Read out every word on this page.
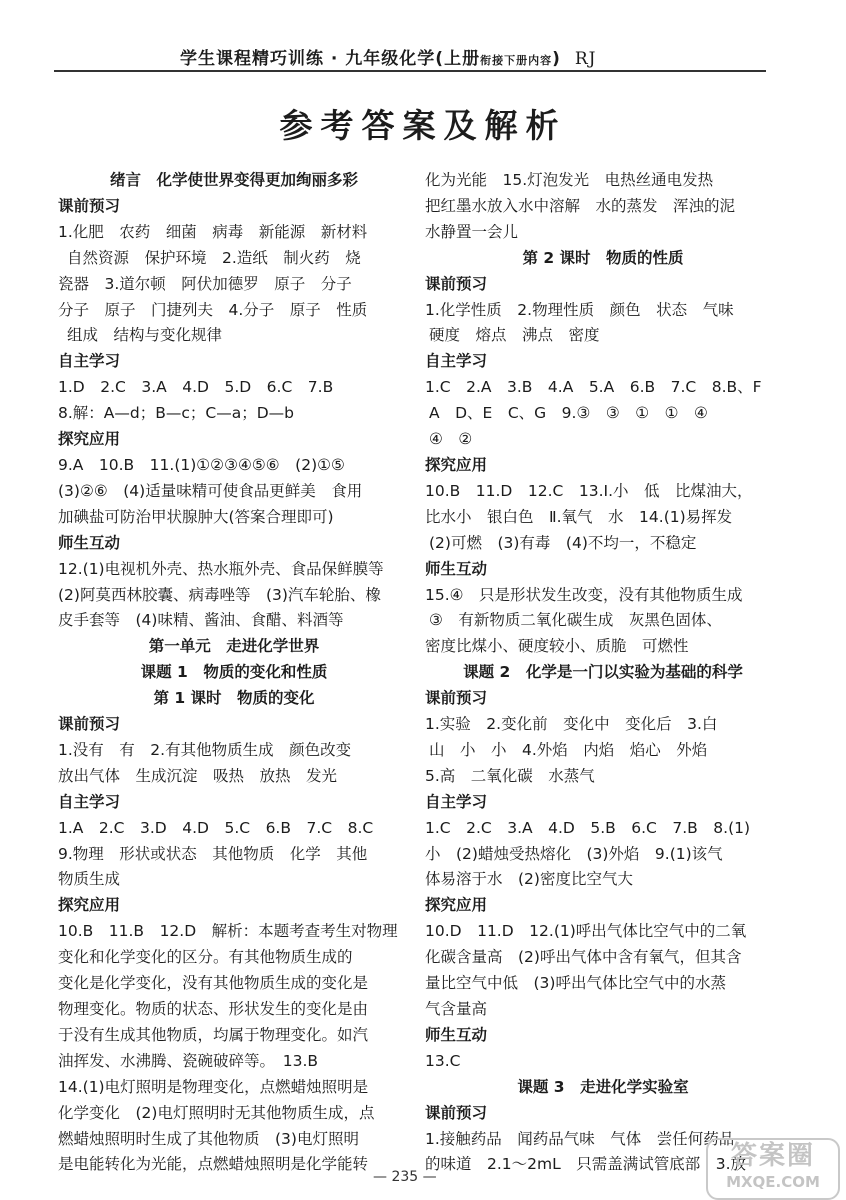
学生课程精巧训练 · 九年级化学(上册衔接下册内容) RJ
参考答案及解析
绪言　化学使世界变得更加绚丽多彩
课前预习
1.化肥　农药　细菌　病毒　新能源　新材料
自然资源　保护环境　2.造纸　制火药　烧
瓷器　3.道尔顿　阿伏加德罗　原子　分子
分子　原子　门捷列夫　4.分子　原子　性质
组成　结构与变化规律
自主学习
1.D　2.C　3.A　4.D　5.D　6.C　7.B
8.解：A—d；B—c；C—a；D—b
探究应用
9.A　10.B　11.(1)①②③④⑤⑥　(2)①⑤
(3)②⑥　(4)适量味精可使食品更鲜美　食用
加碘盐可防治甲状腺肿大(答案合理即可)
师生互动
12.(1)电视机外壳、热水瓶外壳、食品保鲜膜等
(2)阿莫西林胶囊、病毒唑等　(3)汽车轮胎、橡
皮手套等　(4)味精、酱油、食醋、料酒等
第一单元　走进化学世界
课题 1　物质的变化和性质
第 1 课时　物质的变化
课前预习
1.没有　有　2.有其他物质生成　颜色改变
放出气体　生成沉淀　吸热　放热　发光
自主学习
1.A　2.C　3.D　4.D　5.C　6.B　7.C　8.C
9.物理　形状或状态　其他物质　化学　其他
物质生成
探究应用
10.B　11.B　12.D　解析：本题考查考生对物理
变化和化学变化的区分。有其他物质生成的
变化是化学变化，没有其他物质生成的变化是
物理变化。物质的状态、形状发生的变化是由
于没有生成其他物质，均属于物理变化。如汽
油挥发、水沸腾、瓷碗破碎等。　13.B
14.(1)电灯照明是物理变化，点燃蜡烛照明是
化学变化　(2)电灯照明时无其他物质生成，点
燃蜡烛照明时生成了其他物质　(3)电灯照明
是电能转化为光能，点燃蜡烛照明是化学能转
化为光能　15.灯泡发光　电热丝通电发热
把红墨水放入水中溶解　水的蒸发　浑浊的泥
水静置一会儿
第 2 课时　物质的性质
课前预习
1.化学性质　2.物理性质　颜色　状态　气味
硬度　熔点　沸点　密度
自主学习
1.C　2.A　3.B　4.A　5.A　6.B　7.C　8.B、F
A　D、E　C、G　9.③　③　①　①　④
④　②
探究应用
10.B　11.D　12.C　13.Ⅰ.小　低　比煤油大，
比水小　银白色　Ⅱ.氧气　水　14.(1)易挥发
(2)可燃　(3)有毒　(4)不均一，不稳定
师生互动
15.④　只是形状发生改变，没有其他物质生成
③　有新物质二氧化碳生成　灰黑色固体、
密度比煤小、硬度较小、质脆　可燃性
课题 2　化学是一门以实验为基础的科学
课前预习
1.实验　2.变化前　变化中　变化后　3.白
山　小　小　4.外焰　内焰　焰心　外焰
5.高　二氧化碳　水蒸气
自主学习
1.C　2.C　3.A　4.D　5.B　6.C　7.B　8.(1)
小　(2)蜡烛受热熔化　(3)外焰　9.(1)该气
体易溶于水　(2)密度比空气大
探究应用
10.D　11.D　12.(1)呼出气体比空气中的二氧
化碳含量高　(2)呼出气体中含有氧气，但其含
量比空气中低　(3)呼出气体比空气中的水蒸
气含量高
师生互动
13.C
课题 3　走进化学实验室
课前预习
1.接触药品　闻药品气味　气体　尝任何药品
的味道　2.1～2mL　只需盖满试管底部　3.放
— 235 —
答案圈
MXQE.COM
